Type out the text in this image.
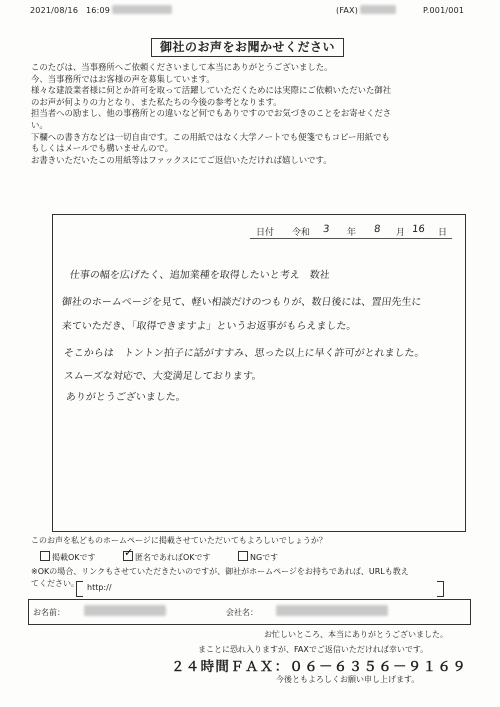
2021/08/16 16:09	(FAX)	P.001/001
御社のお声をお聞かせください

このたびは、当事務所へご依頼くださいまして本当にありがとうございました。

今、当事務所ではお客様の声を募集しています。

様々な建設業者様に何とか許可を取って活躍していただくためには実際にご依頼いただいた御社

のお声が何よりの力となり、また私たちの今後の参考となります。

担当者への励まし、他の事務所との違いなど何でもありですのでお気づきのことをお寄せくださ

い。

下欄への書き方などは一切自由です。この用紙ではなく大学ノートでも便箋でもコピー用紙でも

もしくはメールでも構いませんので。

お書きいただいたこの用紙等はファックスにてご返信いただければ嬉しいです。

日付 令和 3 年 8 月 16 日
仕事の幅を広げたく、追加業種を取得したいと考え　数社
御社のホームページを見て、軽い相談だけのつもりが、数日後には、置田先生に
来ていただき、「取得できますよ」というお返事がもらえました。
そこからは　トントン拍子に話がすすみ、思った以上に早く許可がとれました。
スムーズな対応で、大変満足しております。
ありがとうございました。
このお声を私どものホームページに掲載させていただいてもよろしいでしょうか？
掲載OKです
✓	匿名であればOKです	NGです
※OKの場合、リンクもさせていただきたいのですが、御社がホームページをお持ちであれば、URLも教え
てください。 http://
お名前：	会社名：
お忙しいところ、本当にありがとうございました。
まことに恐れ入りますが、FAXでご返信いただければ幸いです。
２４時間ＦＡＸ：０６－６３５６－９１６９
今後ともよろしくお願い申し上げます。
